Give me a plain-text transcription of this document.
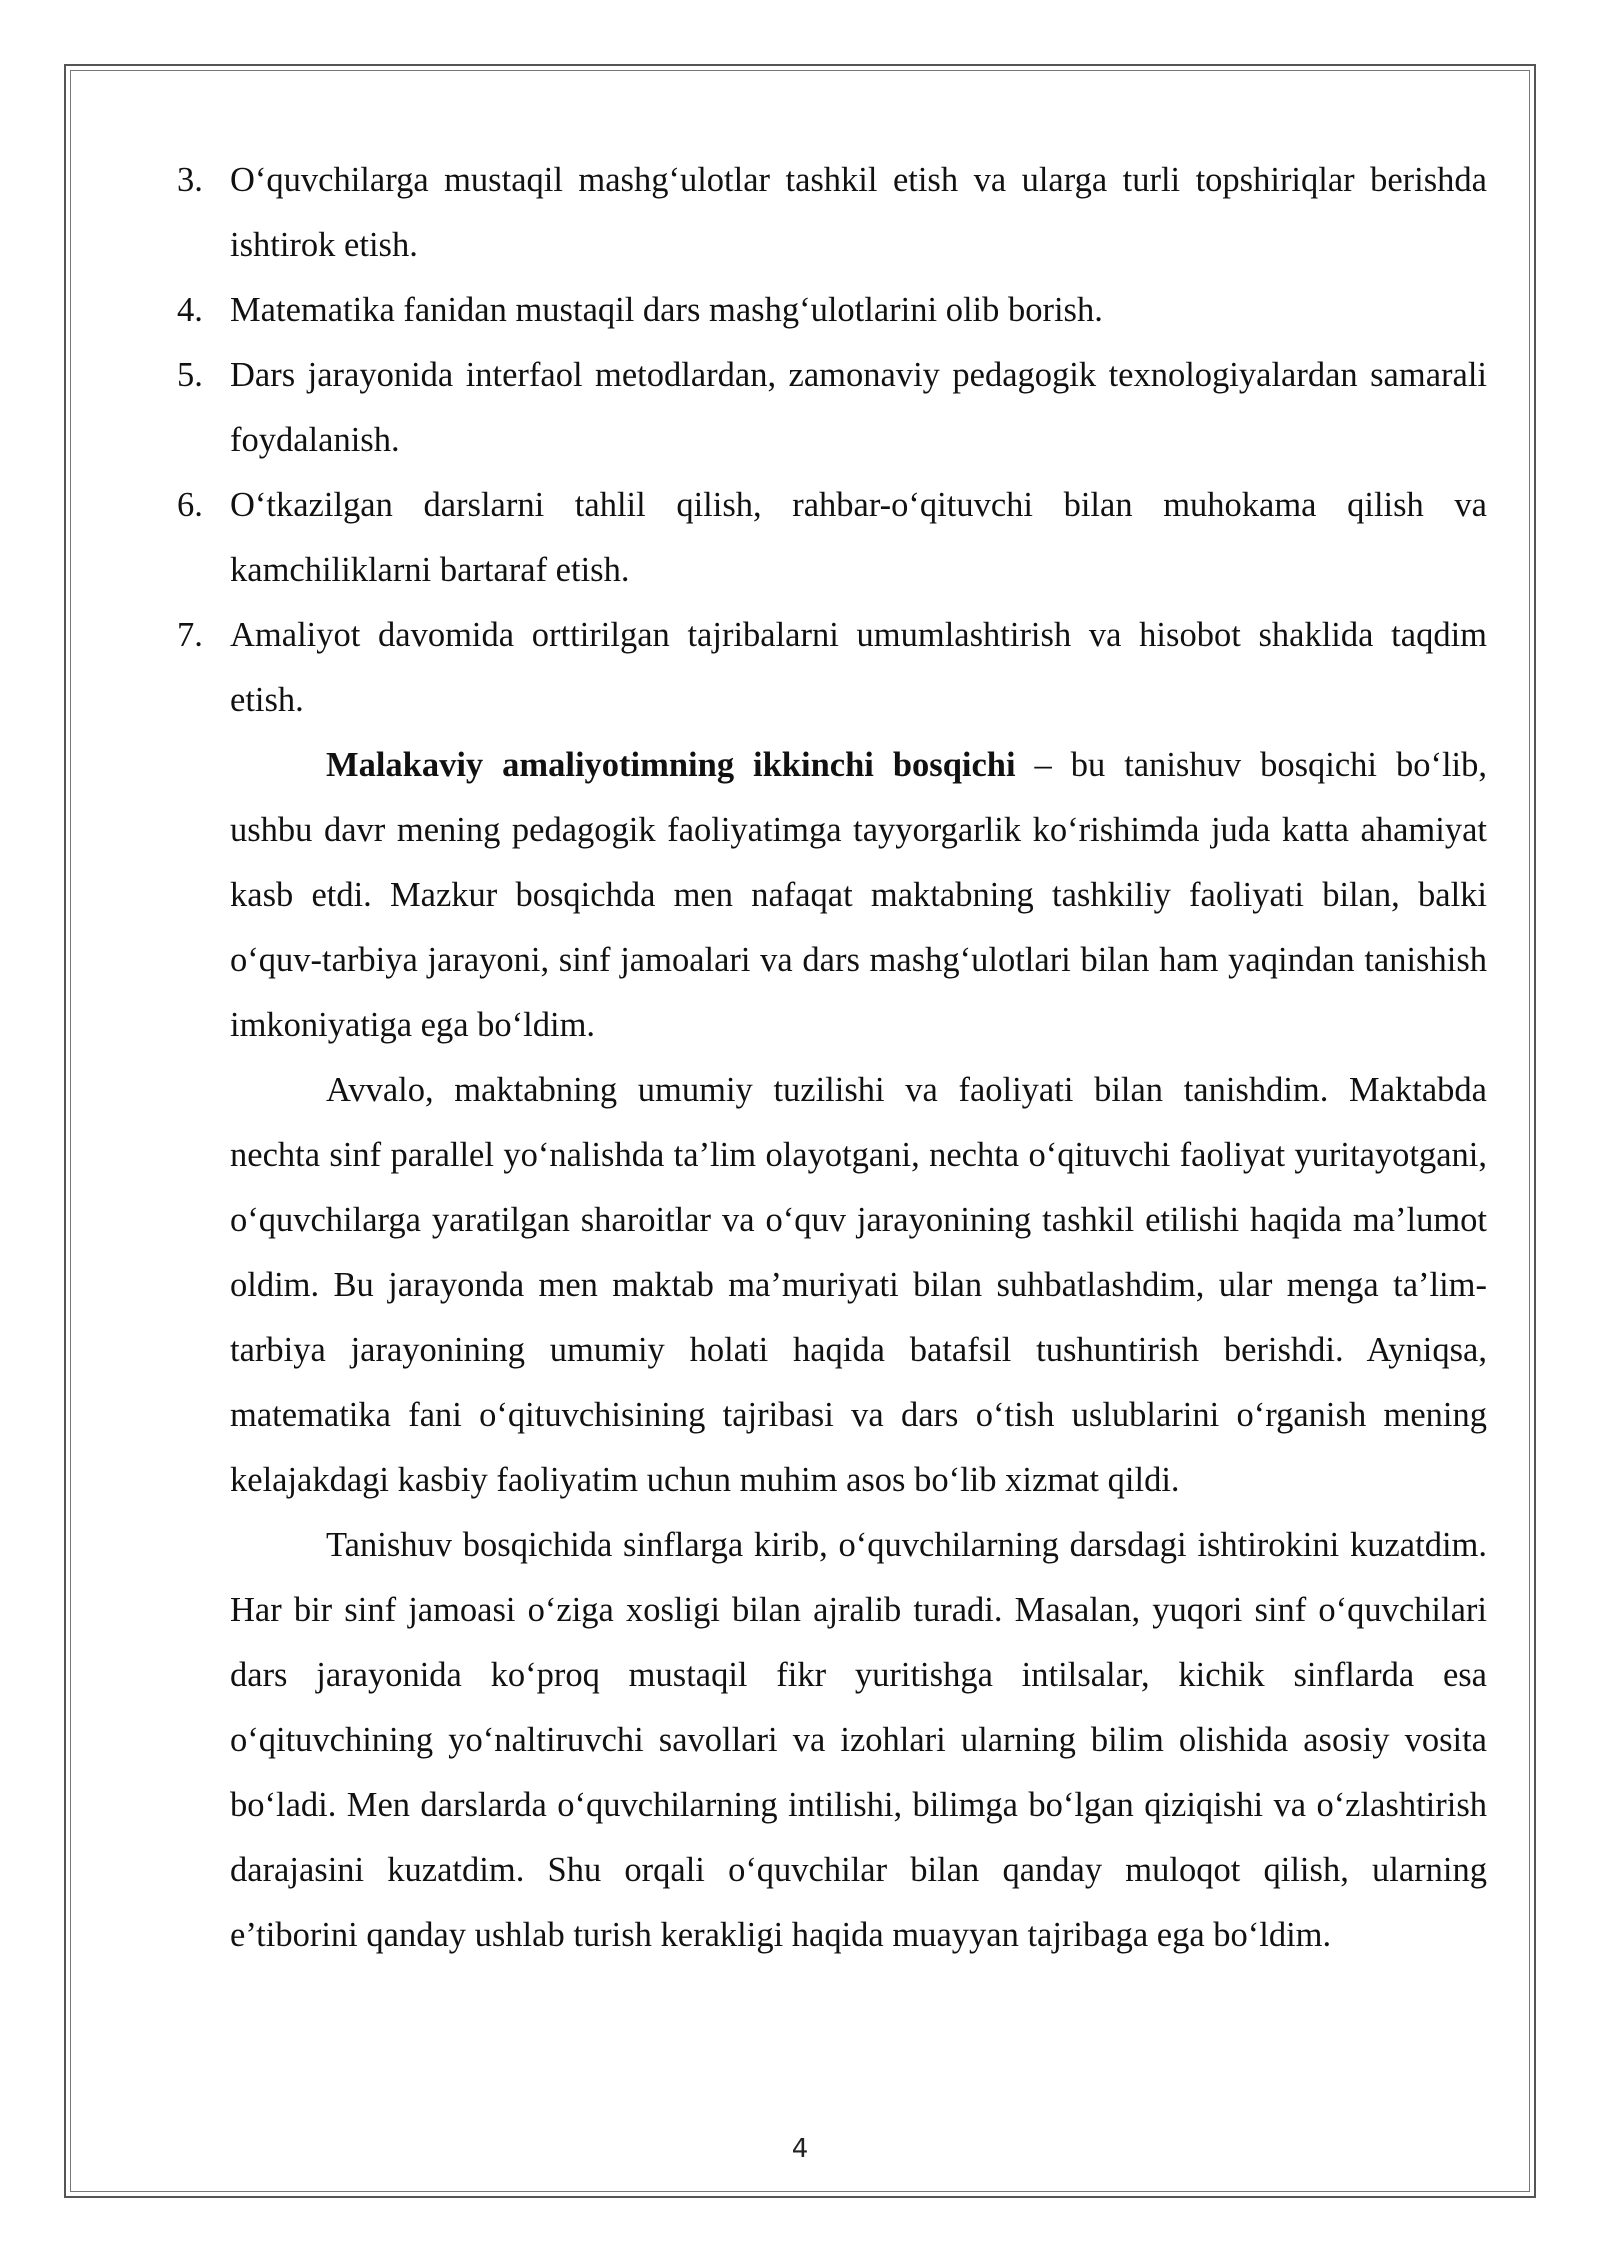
3. O‘quvchilarga mustaqil mashg‘ulotlar tashkil etish va ularga turli topshiriqlar berishda ishtirok etish.
4. Matematika fanidan mustaqil dars mashg‘ulotlarini olib borish.
5. Dars jarayonida interfaol metodlardan, zamonaviy pedagogik texnologiyalardan samarali foydalanish.
6. O‘tkazilgan darslarni tahlil qilish, rahbar-o‘qituvchi bilan muhokama qilish va kamchiliklarni bartaraf etish.
7. Amaliyot davomida orttirilgan tajribalarni umumlashtirish va hisobot shaklida taqdim etish.

Malakaviy amaliyotimning ikkinchi bosqichi – bu tanishuv bosqichi bo‘lib, ushbu davr mening pedagogik faoliyatimga tayyorgarlik ko‘rishimda juda katta ahamiyat kasb etdi. Mazkur bosqichda men nafaqat maktabning tashkiliy faoliyati bilan, balki o‘quv-tarbiya jarayoni, sinf jamoalari va dars mashg‘ulotlari bilan ham yaqindan tanishish imkoniyatiga ega bo‘ldim.

Avvalo, maktabning umumiy tuzilishi va faoliyati bilan tanishdim. Maktabda nechta sinf parallel yo‘nalishda ta’lim olayotgani, nechta o‘qituvchi faoliyat yuritayotgani, o‘quvchilarga yaratilgan sharoitlar va o‘quv jarayonining tashkil etilishi haqida ma’lumot oldim. Bu jarayonda men maktab ma’muriyati bilan suhbatlashdim, ular menga ta’lim-tarbiya jarayonining umumiy holati haqida batafsil tushuntirish berishdi. Ayniqsa, matematika fani o‘qituvchisining tajribasi va dars o‘tish uslublarini o‘rganish mening kelajakdagi kasbiy faoliyatim uchun muhim asos bo‘lib xizmat qildi.

Tanishuv bosqichida sinflarga kirib, o‘quvchilarning darsdagi ishtirokini kuzatdim. Har bir sinf jamoasi o‘ziga xosligi bilan ajralib turadi. Masalan, yuqori sinf o‘quvchilari dars jarayonida ko‘proq mustaqil fikr yuritishga intilsalar, kichik sinflarda esa o‘qituvchining yo‘naltiruvchi savollari va izohlari ularning bilim olishida asosiy vosita bo‘ladi. Men darslarda o‘quvchilarning intilishi, bilimga bo‘lgan qiziqishi va o‘zlashtirish darajasini kuzatdim. Shu orqali o‘quvchilar bilan qanday muloqot qilish, ularning e’tiborini qanday ushlab turish kerakligi haqida muayyan tajribaga ega bo‘ldim.

4
